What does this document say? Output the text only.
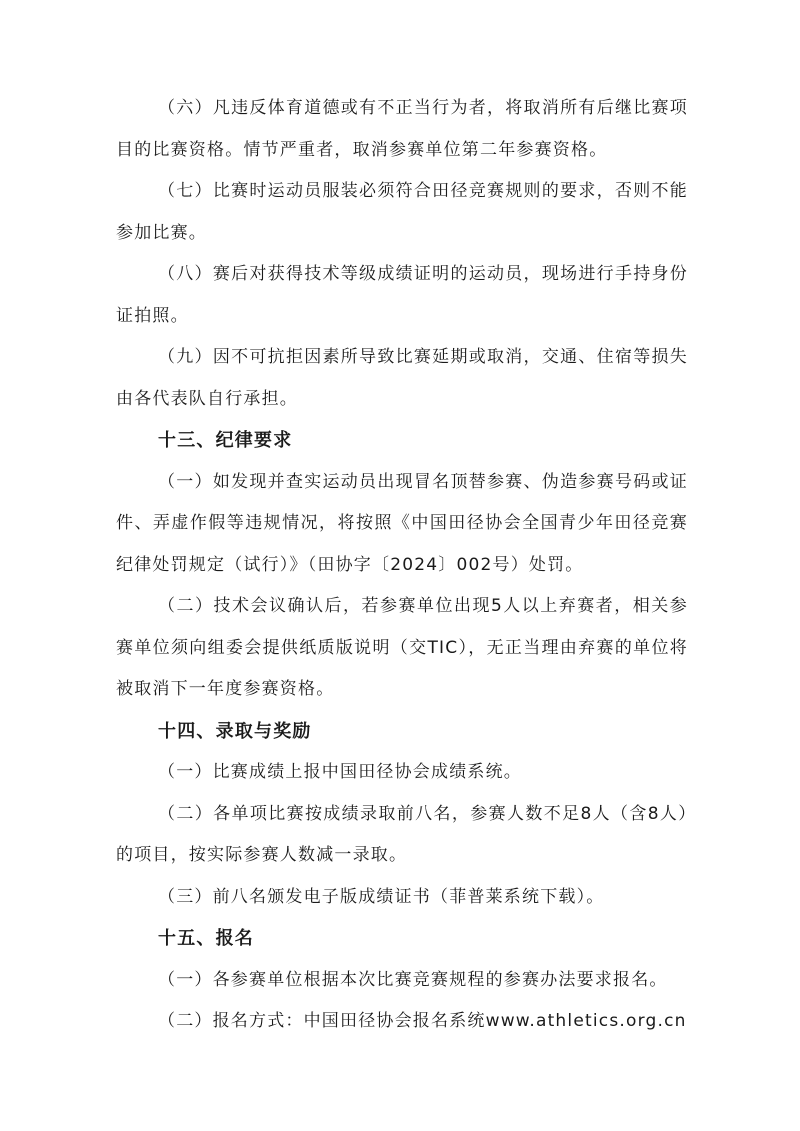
（六）凡违反体育道德或有不正当行为者，将取消所有后继比赛项目的比赛资格。情节严重者，取消参赛单位第二年参赛资格。

（七）比赛时运动员服装必须符合田径竞赛规则的要求，否则不能参加比赛。

（八）赛后对获得技术等级成绩证明的运动员，现场进行手持身份证拍照。

（九）因不可抗拒因素所导致比赛延期或取消，交通、住宿等损失由各代表队自行承担。

十三、纪律要求

（一）如发现并查实运动员出现冒名顶替参赛、伪造参赛号码或证件、弄虚作假等违规情况，将按照《中国田径协会全国青少年田径竞赛纪律处罚规定（试行）》（田协字〔2024〕002号）处罚。

（二）技术会议确认后，若参赛单位出现5人以上弃赛者，相关参赛单位须向组委会提供纸质版说明（交TIC），无正当理由弃赛的单位将被取消下一年度参赛资格。

十四、录取与奖励

（一）比赛成绩上报中国田径协会成绩系统。

（二）各单项比赛按成绩录取前八名，参赛人数不足8人（含8人）的项目，按实际参赛人数减一录取。

（三）前八名颁发电子版成绩证书（菲普莱系统下载）。

十五、报名

（一）各参赛单位根据本次比赛竞赛规程的参赛办法要求报名。

（二）报名方式：中国田径协会报名系统www.athletics.org.cn
